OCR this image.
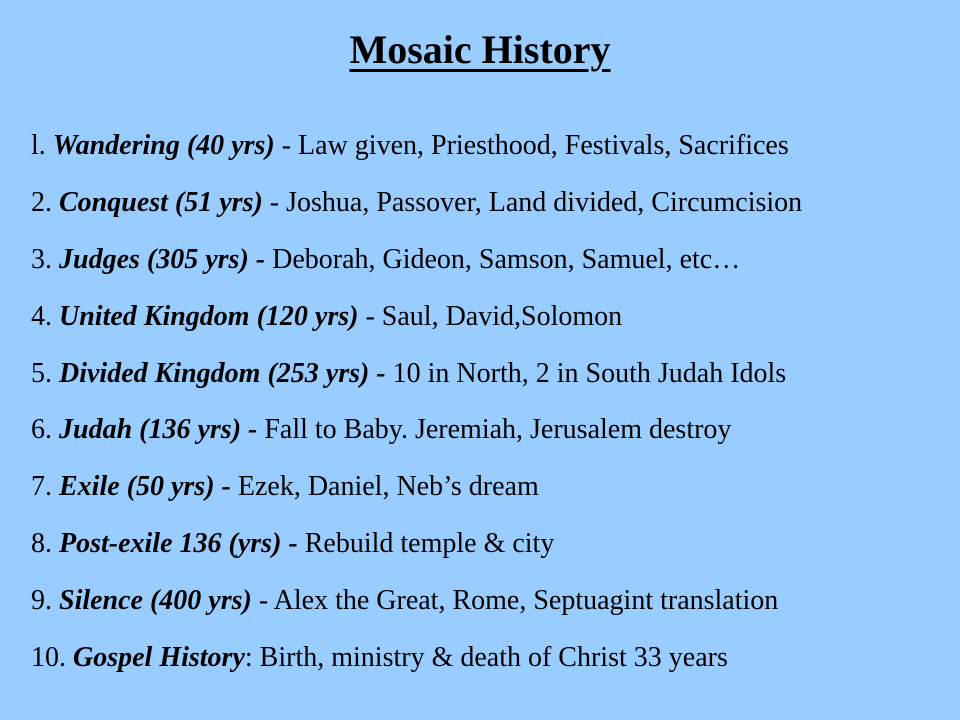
Mosaic History
l. Wandering (40 yrs) - Law given, Priesthood, Festivals, Sacrifices
2. Conquest (51 yrs) - Joshua, Passover, Land divided, Circumcision
3. Judges (305 yrs) - Deborah, Gideon, Samson, Samuel, etc…
4. United Kingdom (120 yrs) - Saul, David,Solomon
5. Divided Kingdom (253 yrs) - 10 in North, 2 in South Judah Idols
6. Judah (136 yrs) - Fall to Baby. Jeremiah, Jerusalem destroy
7. Exile (50 yrs) - Ezek, Daniel, Neb’s dream
8. Post-exile 136 (yrs) - Rebuild temple & city
9. Silence (400 yrs) - Alex the Great, Rome, Septuagint translation
10. Gospel History: Birth, ministry & death of Christ 33 years
